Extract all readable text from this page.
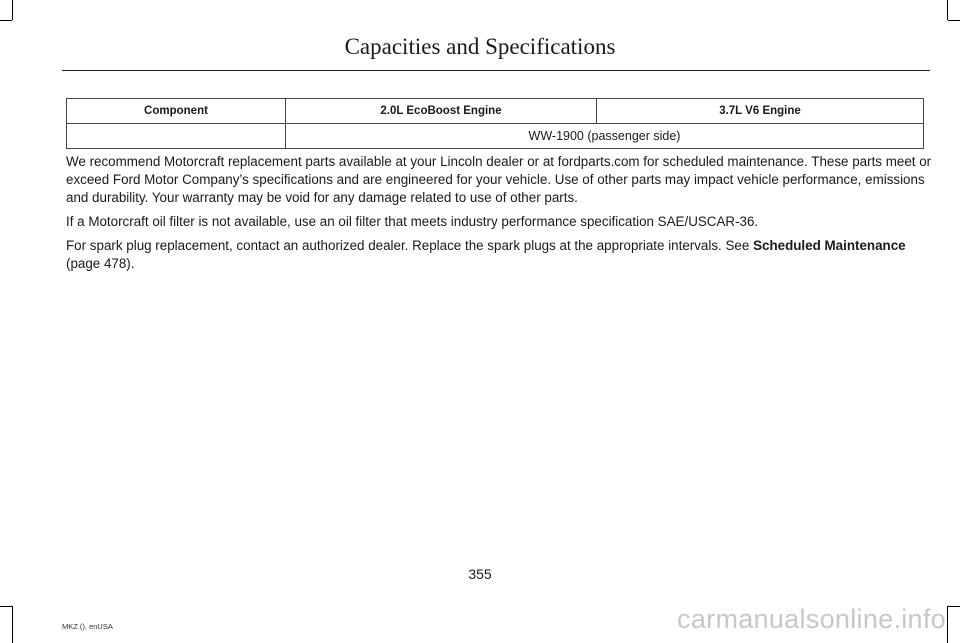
Capacities and Specifications
Component	2.0L EcoBoost Engine	3.7L V6 Engine
	WW-1900 (passenger side)	

We recommend Motorcraft replacement parts available at your Lincoln dealer or at fordparts.com for scheduled maintenance. These parts meet or exceed Ford Motor Company’s specifications and are engineered for your vehicle. Use of other parts may impact vehicle performance, emissions and durability. Your warranty may be void for any damage related to use of other parts.

If a Motorcraft oil filter is not available, use an oil filter that meets industry performance specification SAE/USCAR-36.

For spark plug replacement, contact an authorized dealer. Replace the spark plugs at the appropriate intervals. See Scheduled Maintenance
(page 478).

355
MKZ (), enUSA	carmanualsonline.info
